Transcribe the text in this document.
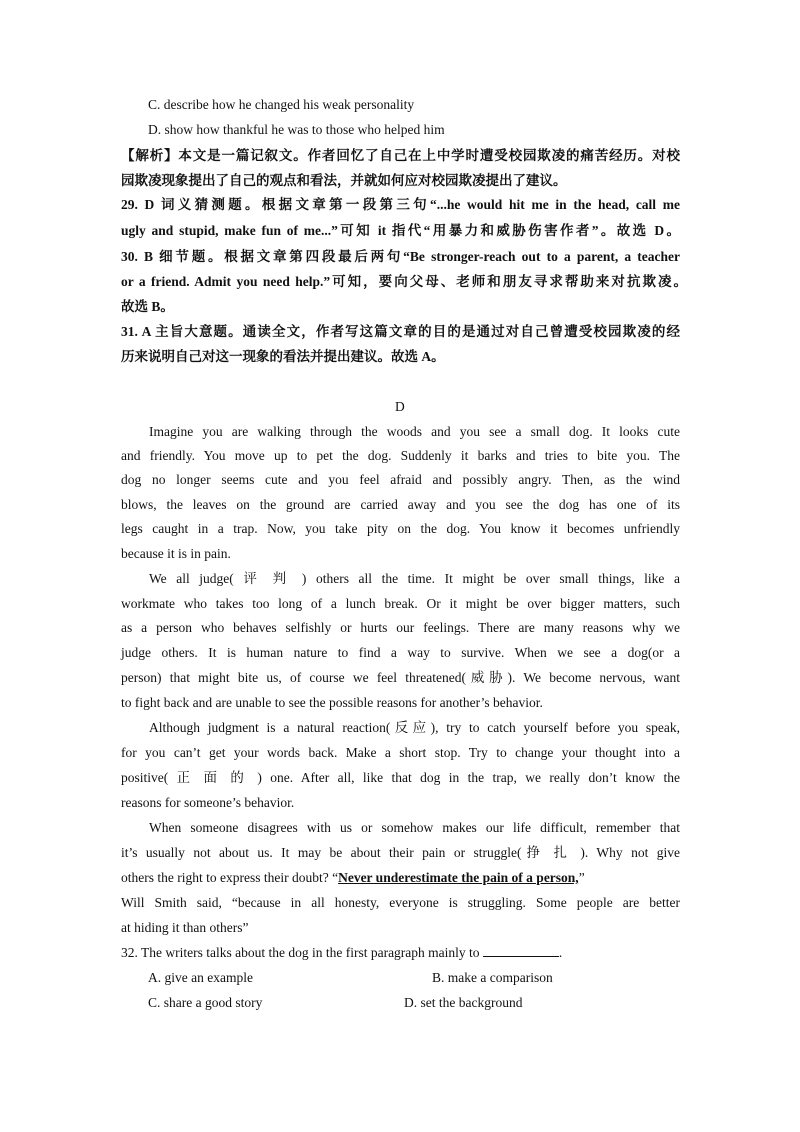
C. describe how he changed his weak personality
D. show how thankful he was to those who helped him
【解析】本文是一篇记叙文。作者回忆了自己在上中学时遭受校园欺凌的痛苦经历。对校
园欺凌现象提出了自己的观点和看法，并就如何应对校园欺凌提出了建议。
29. D 词义猜测题。根据文章第一段第三句“...he would hit me in the head, call me
ugly and stupid, make fun of me...”可知 it 指代“用暴力和威胁伤害作者”。故选 D。
30. B 细节题。根据文章第四段最后两句“Be stronger-reach out to a parent, a teacher
or a friend. Admit you need help.”可知，要向父母、老师和朋友寻求帮助来对抗欺凌。
故选 B。
31. A 主旨大意题。通读全文，作者写这篇文章的目的是通过对自己曾遭受校园欺凌的经
历来说明自己对这一现象的看法并提出建议。故选 A。
D
Imagine you are walking through the woods and you see a small dog. It looks cute
and friendly. You move up to pet the dog. Suddenly it barks and tries to bite you. The
dog no longer seems cute and you feel afraid and possibly angry. Then, as the wind
blows, the leaves on the ground are carried away and you see the dog has one of its
legs caught in a trap. Now, you take pity on the dog. You know it becomes unfriendly
because it is in pain.
We all judge( 评 判 ) others all the time. It might be over small things, like a
workmate who takes too long of a lunch break. Or it might be over bigger matters, such
as a person who behaves selfishly or hurts our feelings. There are many reasons why we
judge others. It is human nature to find a way to survive. When we see a dog(or a
person) that might bite us, of course we feel threatened(威胁). We become nervous, want
to fight back and are unable to see the possible reasons for another’s behavior.
Although judgment is a natural reaction(反应), try to catch yourself before you speak,
for you can’t get your words back. Make a short stop. Try to change your thought into a
positive( 正 面 的 ) one. After all, like that dog in the trap, we really don’t know the
reasons for someone’s behavior.
When someone disagrees with us or somehow makes our life difficult, remember that
it’s usually not about us. It may be about their pain or struggle(挣 扎 ). Why not give
others the right to express their doubt? “Never underestimate the pain of a person,”
Will Smith said, “because in all honesty, everyone is struggling. Some people are better
at hiding it than others”
32. The writers talks about the dog in the first paragraph mainly to	.
A. give an example	B. make a comparison
C. share a good story	D. set the background
